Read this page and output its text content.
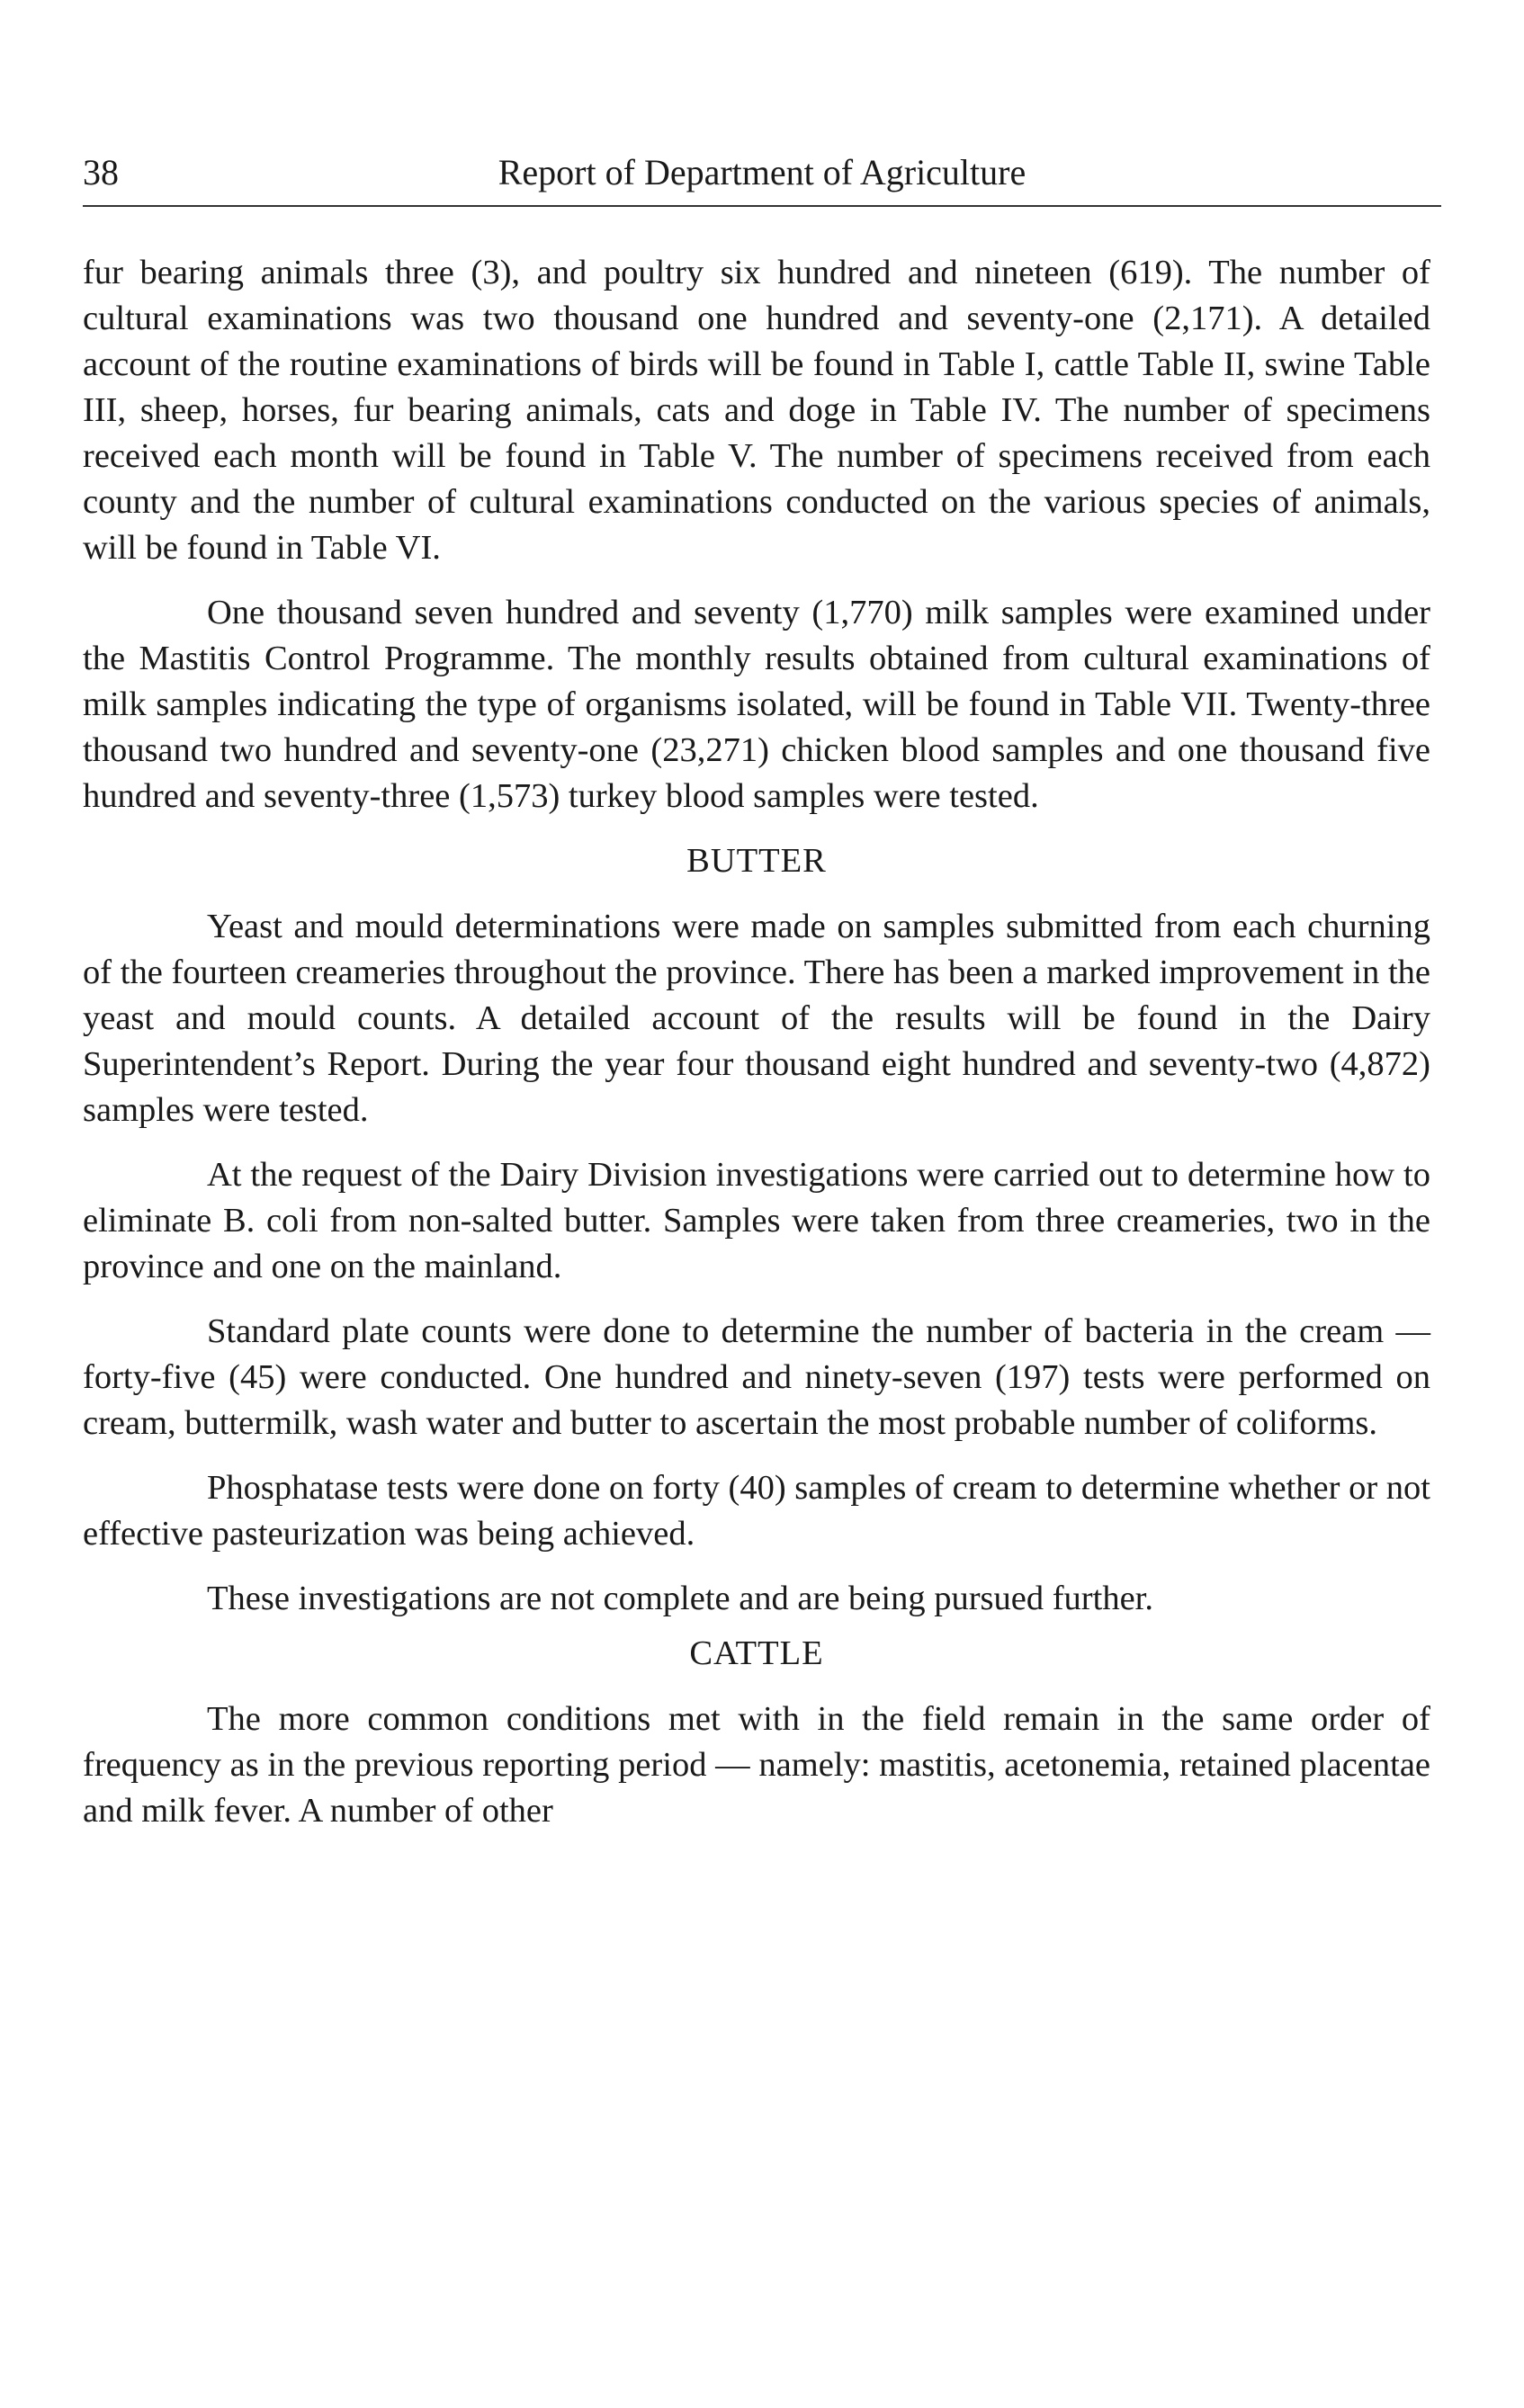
38	Report of Department of Agriculture

fur bearing animals three (3), and poultry six hundred and nineteen (619). The number of cultural examinations was two thousand one hundred and seventy-one (2,171). A detailed account of the routine examinations of birds will be found in Table I, cattle Table II, swine Table III, sheep, horses, fur bearing animals, cats and doge in Table IV. The number of specimens received each month will be found in Table V. The number of specimens received from each county and the number of cultural examinations conducted on the various species of animals, will be found in Table VI.

One thousand seven hundred and seventy (1,770) milk samples were examined under the Mastitis Control Programme. The monthly results obtained from cultural examinations of milk samples indicating the type of organisms isolated, will be found in Table VII. Twenty-three thousand two hundred and seventy-one (23,271) chicken blood samples and one thousand five hundred and seventy-three (1,573) turkey blood samples were tested.

BUTTER

Yeast and mould determinations were made on samples submitted from each churning of the fourteen creameries throughout the province. There has been a marked improvement in the yeast and mould counts. A detailed account of the results will be found in the Dairy Superintendent’s Report. During the year four thousand eight hundred and seventy-two (4,872) samples were tested.

At the request of the Dairy Division investigations were carried out to determine how to eliminate B. coli from non-salted butter. Samples were taken from three creameries, two in the province and one on the mainland.

Standard plate counts were done to determine the number of bacteria in the cream — forty-five (45) were conducted. One hundred and ninety-seven (197) tests were performed on cream, buttermilk, wash water and butter to ascertain the most probable number of coliforms.

Phosphatase tests were done on forty (40) samples of cream to determine whether or not effective pasteurization was being achieved.

These investigations are not complete and are being pursued further.

CATTLE

The more common conditions met with in the field remain in the same order of frequency as in the previous reporting period — namely: mastitis, acetonemia, retained placentae and milk fever. A number of other
